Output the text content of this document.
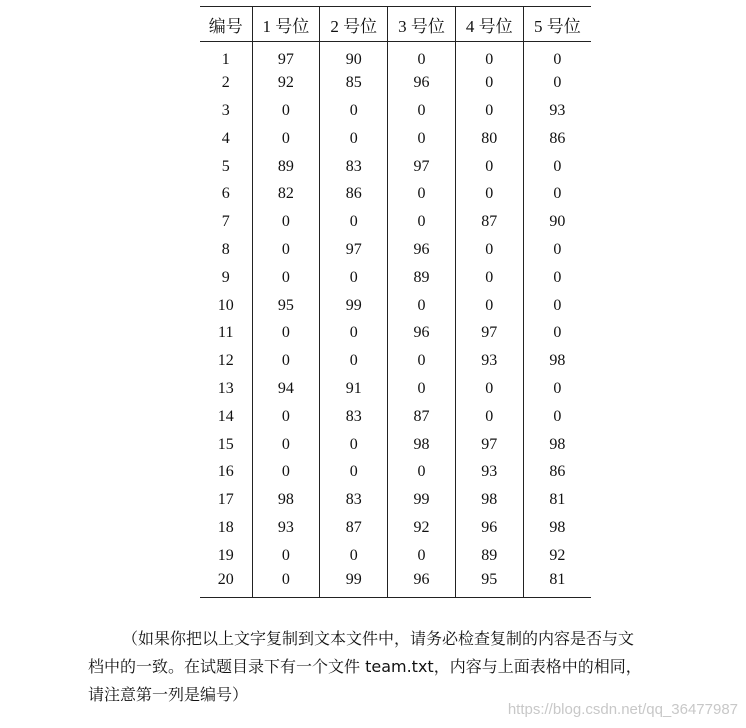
编号	1 号位	2 号位	3 号位	4 号位	5 号位
1	97	90	0	0	0
2	92	85	96	0	0
3	0	0	0	0	93
4	0	0	0	80	86
5	89	83	97	0	0
6	82	86	0	0	0
7	0	0	0	87	90
8	0	97	96	0	0
9	0	0	89	0	0
10	95	99	0	0	0
11	0	0	96	97	0
12	0	0	0	93	98
13	94	91	0	0	0
14	0	83	87	0	0
15	0	0	98	97	98
16	0	0	0	93	86
17	98	83	99	98	81
18	93	87	92	96	98
19	0	0	0	89	92
20	0	99	96	95	81
（如果你把以上文字复制到文本文件中，请务必检查复制的内容是否与文
档中的一致。在试题目录下有一个文件 team.txt，内容与上面表格中的相同，
请注意第一列是编号）
https://blog.csdn.net/qq_36477987
